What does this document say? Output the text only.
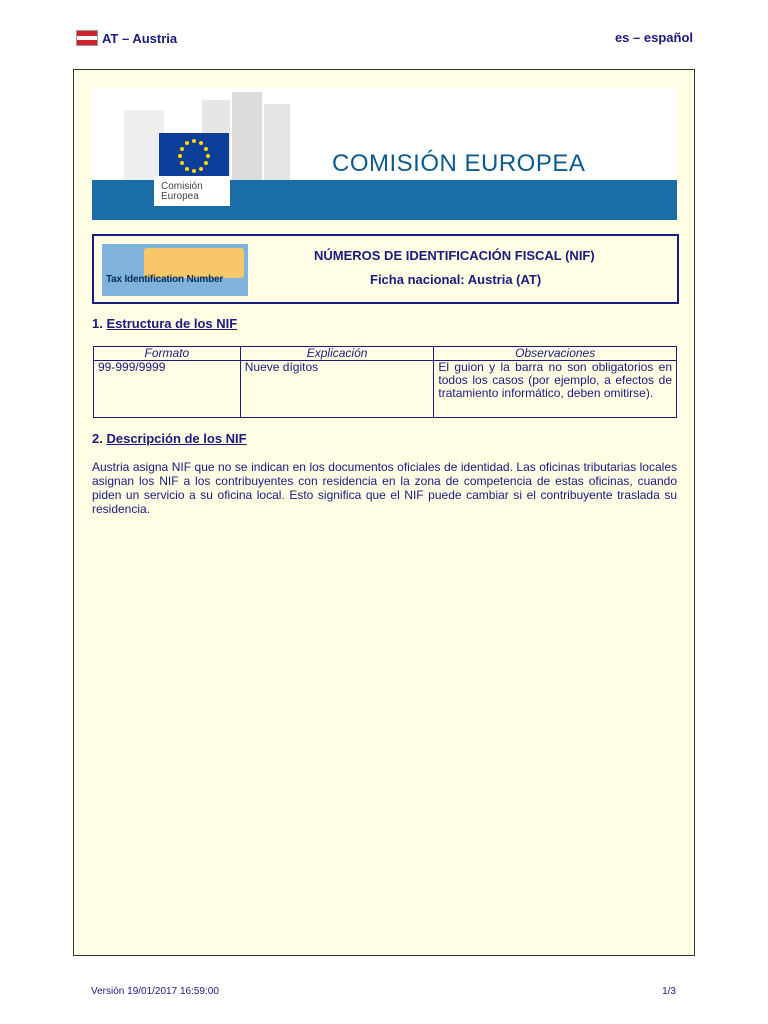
AT – Austria	es – español
Comisión
Europea
COMISIÓN EUROPEA
Tax Identification Number
NÚMEROS DE IDENTIFICACIÓN FISCAL (NIF)
Ficha nacional: Austria (AT)
1. Estructura de los NIF
Formato	Explicación	Observaciones
99-999/9999	Nueve dígitos	El guion y la barra no son obligatorios en todos los casos (por ejemplo, a efectos de tratamiento informático, deben omitirse).
2. Descripción de los NIF
Austria asigna NIF que no se indican en los documentos oficiales de identidad. Las oficinas tributarias locales asignan los NIF a los contribuyentes con residencia en la zona de competencia de estas oficinas, cuando piden un servicio a su oficina local. Esto significa que el NIF puede cambiar si el contribuyente traslada su residencia.
Versión 19/01/2017 16:59:00	1/3
